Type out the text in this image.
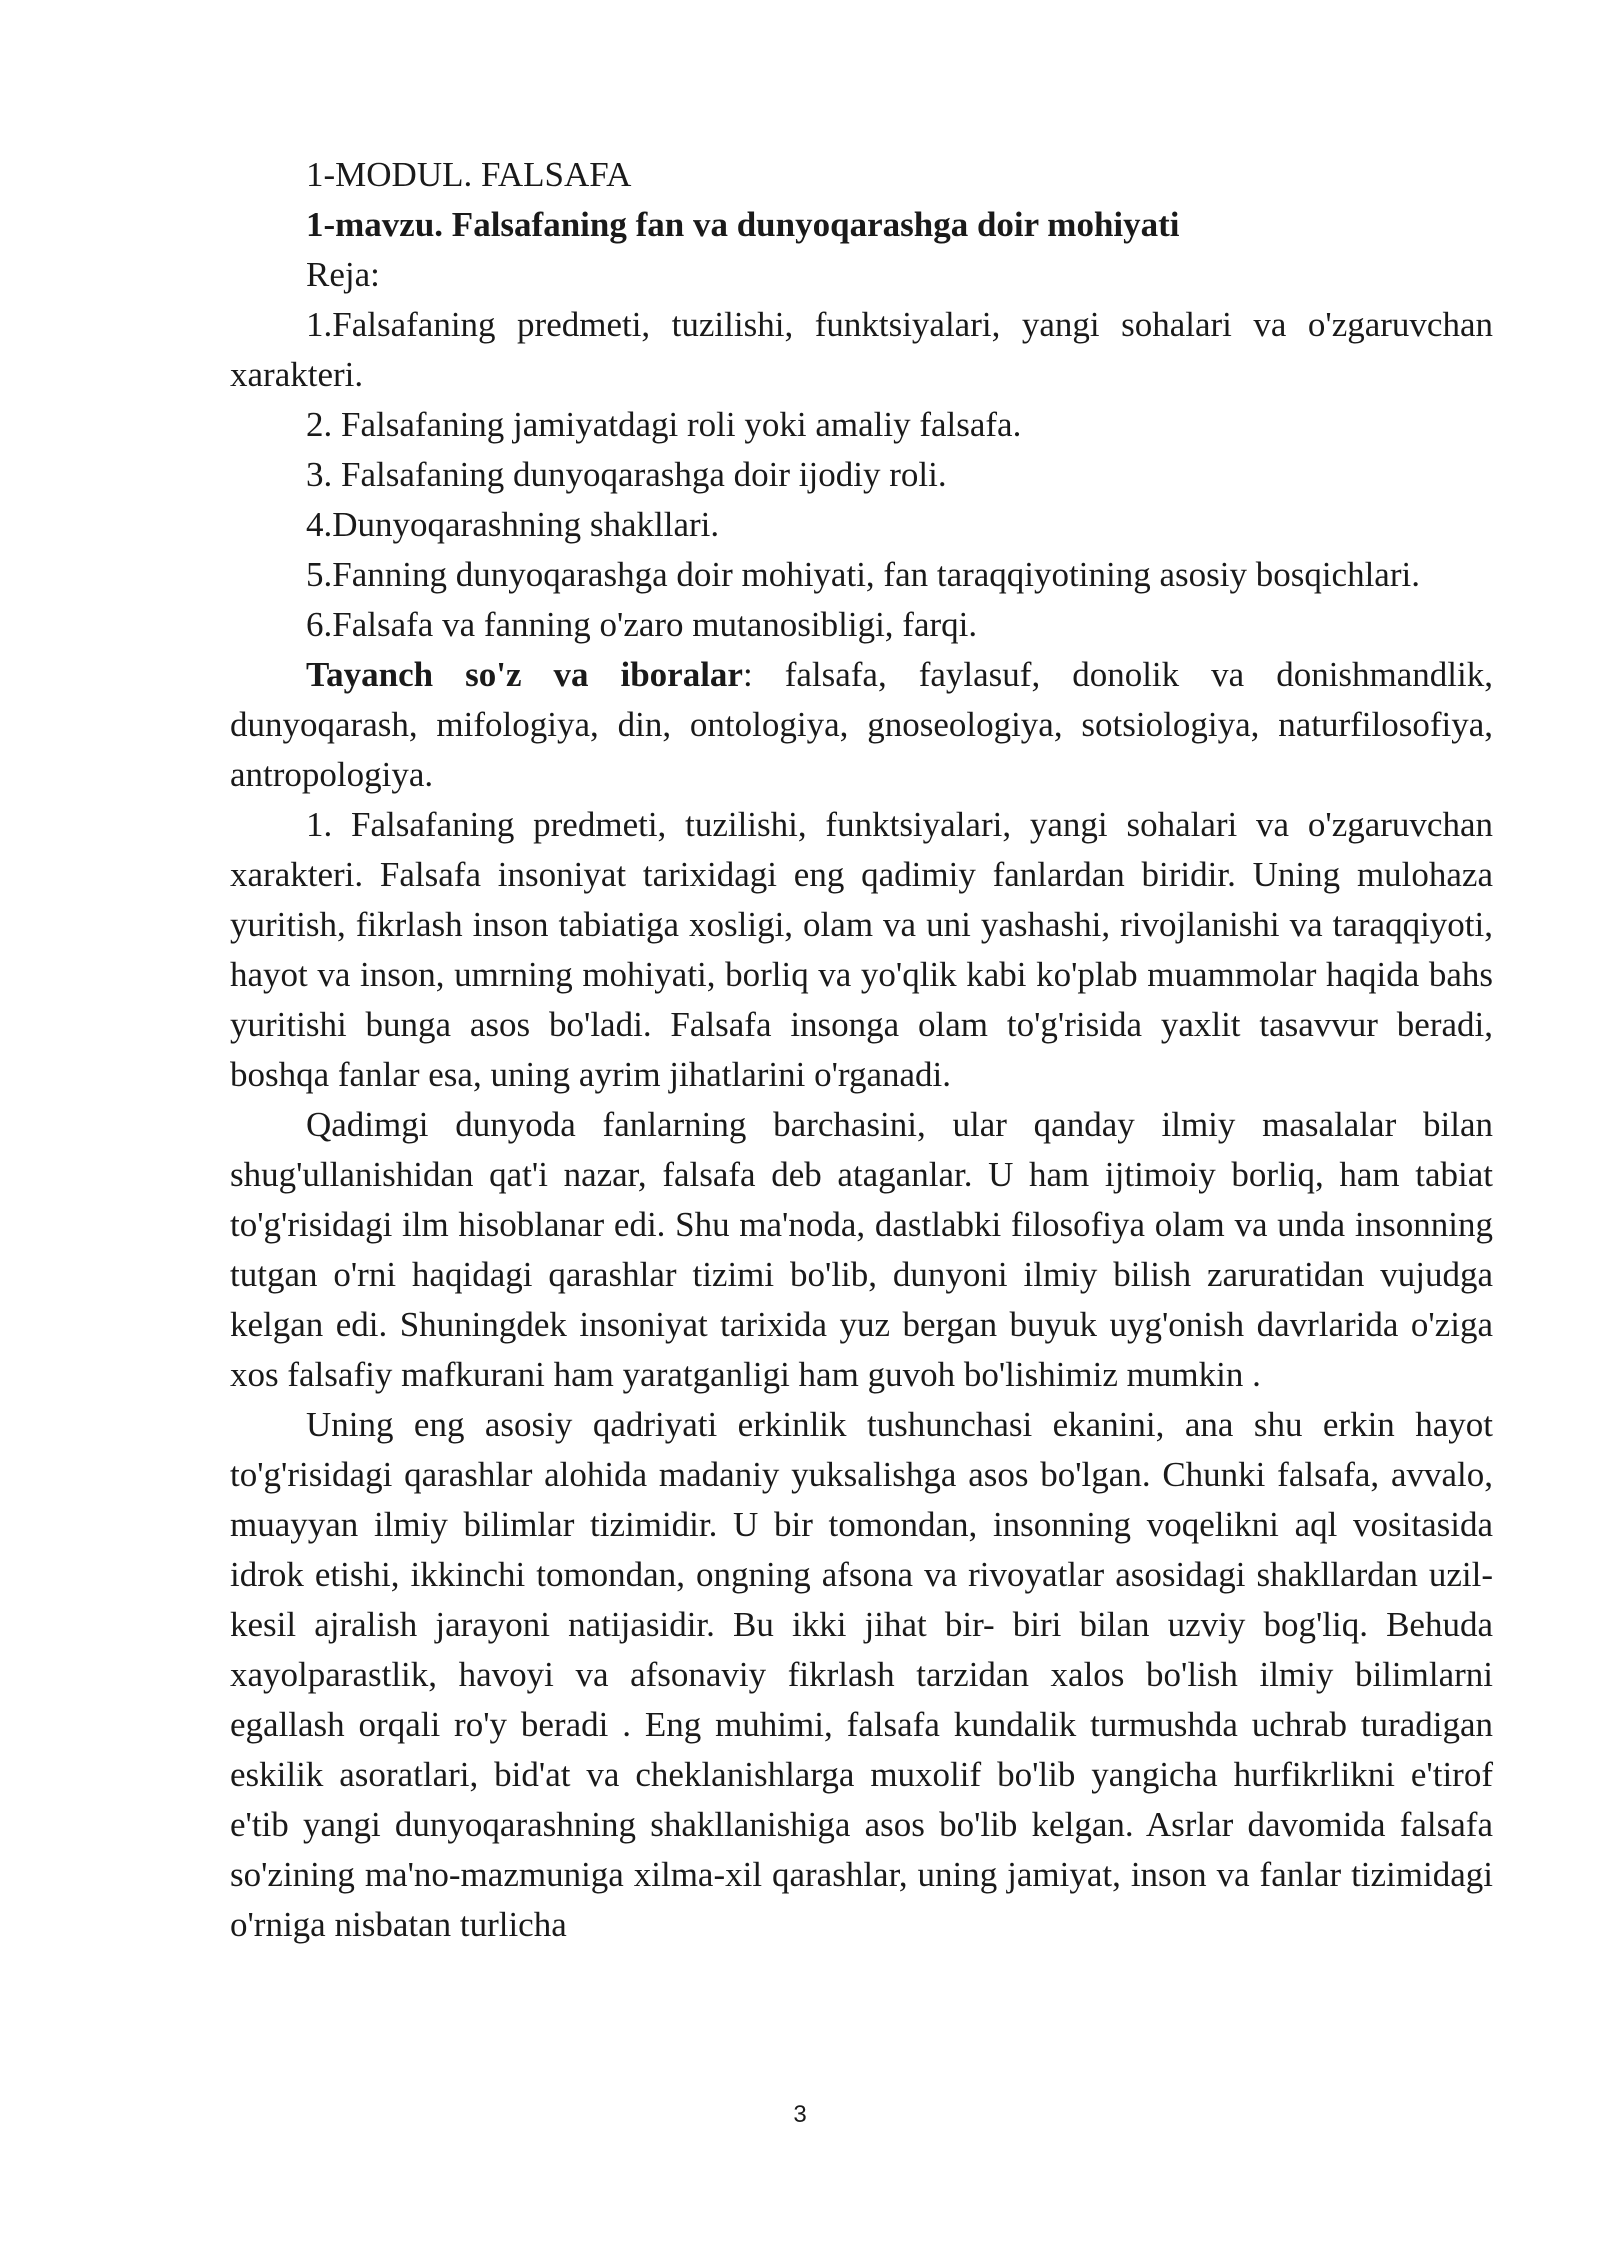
1-MODUL. FALSAFA

1-mavzu. Falsafaning fan va dunyoqarashga doir mohiyati

Reja:

1.Falsafaning predmeti, tuzilishi, funktsiyalari, yangi sohalari va o'zgaruvchan xarakteri.

2. Falsafaning jamiyatdagi roli yoki amaliy falsafa.

3. Falsafaning dunyoqarashga doir ijodiy roli.

4.Dunyoqarashning shakllari.

5.Fanning dunyoqarashga doir mohiyati, fan taraqqiyotining asosiy bosqichlari.

6.Falsafa va fanning o'zaro mutanosibligi, farqi.

Tayanch so'z va iboralar: falsafa, faylasuf, donolik va donishmandlik, dunyoqarash, mifologiya, din, ontologiya, gnoseologiya, sotsiologiya, naturfilosofiya, antropologiya.

1. Falsafaning predmeti, tuzilishi, funktsiyalari, yangi sohalari va o'zgaruvchan xarakteri. Falsafa insoniyat tarixidagi eng qadimiy fanlardan biridir. Uning mulohaza yuritish, fikrlash inson tabiatiga xosligi, olam va uni yashashi, rivojlanishi va taraqqiyoti, hayot va inson, umrning mohiyati, borliq va yo'qlik kabi ko'plab muammolar haqida bahs yuritishi bunga asos bo'ladi. Falsafa insonga olam to'g'risida yaxlit tasavvur beradi, boshqa fanlar esa, uning ayrim jihatlarini o'rganadi.

Qadimgi dunyoda fanlarning barchasini, ular qanday ilmiy masalalar bilan shug'ullanishidan qat'i nazar, falsafa deb ataganlar. U ham ijtimoiy borliq, ham tabiat to'g'risidagi ilm hisoblanar edi. Shu ma'noda, dastlabki filosofiya olam va unda insonning tutgan o'rni haqidagi qarashlar tizimi bo'lib, dunyoni ilmiy bilish zaruratidan vujudga kelgan edi. Shuningdek insoniyat tarixida yuz bergan buyuk uyg'onish davrlarida o'ziga xos falsafiy mafkurani ham yaratganligi ham guvoh bo'lishimiz mumkin .

Uning eng asosiy qadriyati erkinlik tushunchasi ekanini, ana shu erkin hayot to'g'risidagi qarashlar alohida madaniy yuksalishga asos bo'lgan. Chunki falsafa, avvalo, muayyan ilmiy bilimlar tizimidir. U bir tomondan, insonning voqelikni aql vositasida idrok etishi, ikkinchi tomondan, ongning afsona va rivoyatlar asosidagi shakllardan uzil-kesil ajralish jarayoni natijasidir. Bu ikki jihat bir- biri bilan uzviy bog'liq. Behuda xayolparastlik, havoyi va afsonaviy fikrlash tarzidan xalos bo'lish ilmiy bilimlarni egallash orqali ro'y beradi . Eng muhimi, falsafa kundalik turmushda uchrab turadigan eskilik asoratlari, bid'at va cheklanishlarga muxolif bo'lib yangicha hurfikrlikni e'tirof e'tib yangi dunyoqarashning shakllanishiga asos bo'lib kelgan. Asrlar davomida falsafa so'zining ma'no-mazmuniga xilma-xil qarashlar, uning jamiyat, inson va fanlar tizimidagi o'rniga nisbatan turlicha

3
